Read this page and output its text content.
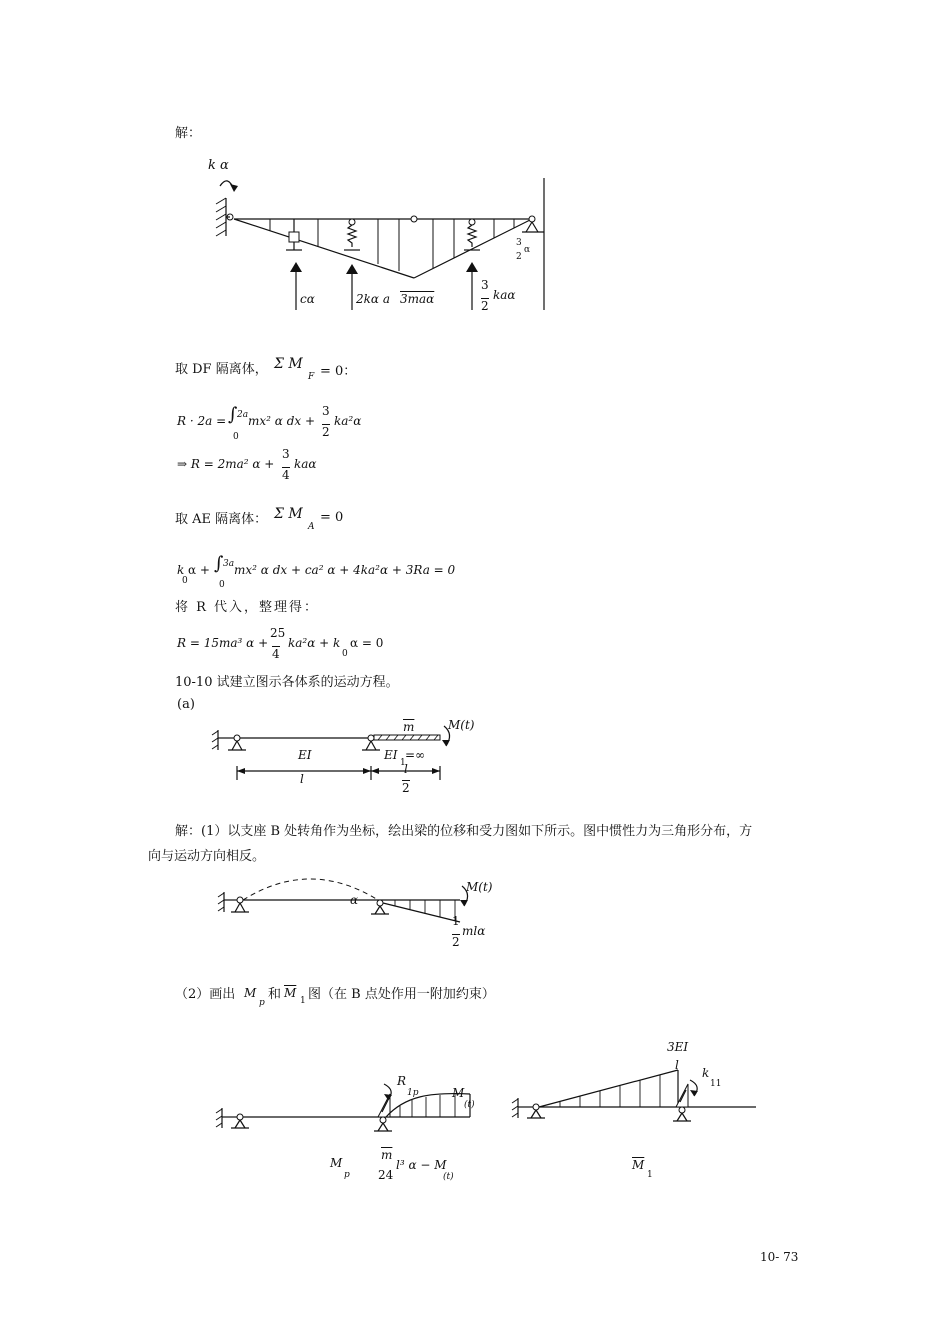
解：
k α
cα	2kα a 3maα
3
2
kaα
3
2
α
取 DF 隔离体， Σ M
F = 0：
R · 2a = ∫ 2a
0
mx² α dx +
3
2
ka²α
⇒ R = 2ma² α +
3
4
kaα
取 AE 隔离体： Σ M
A
= 0
k
0
α + ∫ 3a
0
mx² α dx + ca² α + 4ka²α + 3Ra = 0
将 R 代入，整理得：
R = 15ma³ α +
25
4
ka²α + k
0
α = 0
10-10 试建立图示各体系的运动方程。
(a)
$\overline{m}$	M(t)
EI	EI
1
=∞
l
l
2
解：(1）以支座 B 处转角作为坐标，绘出梁的位移和受力图如下所示。图中惯性力为三角形分布，方
向与运动方向相反。
α
M(t)
1
2
mlα
（2）画出 M
p
和 $\overline{M}$
1 图（在 B 点处作用一附加约束）
R
1p	M
(t)
M
p
$\overline{m}$
24
l³ α − M
(t)
3EI
l
k
11
$\overline{M}$
1
10- 73
